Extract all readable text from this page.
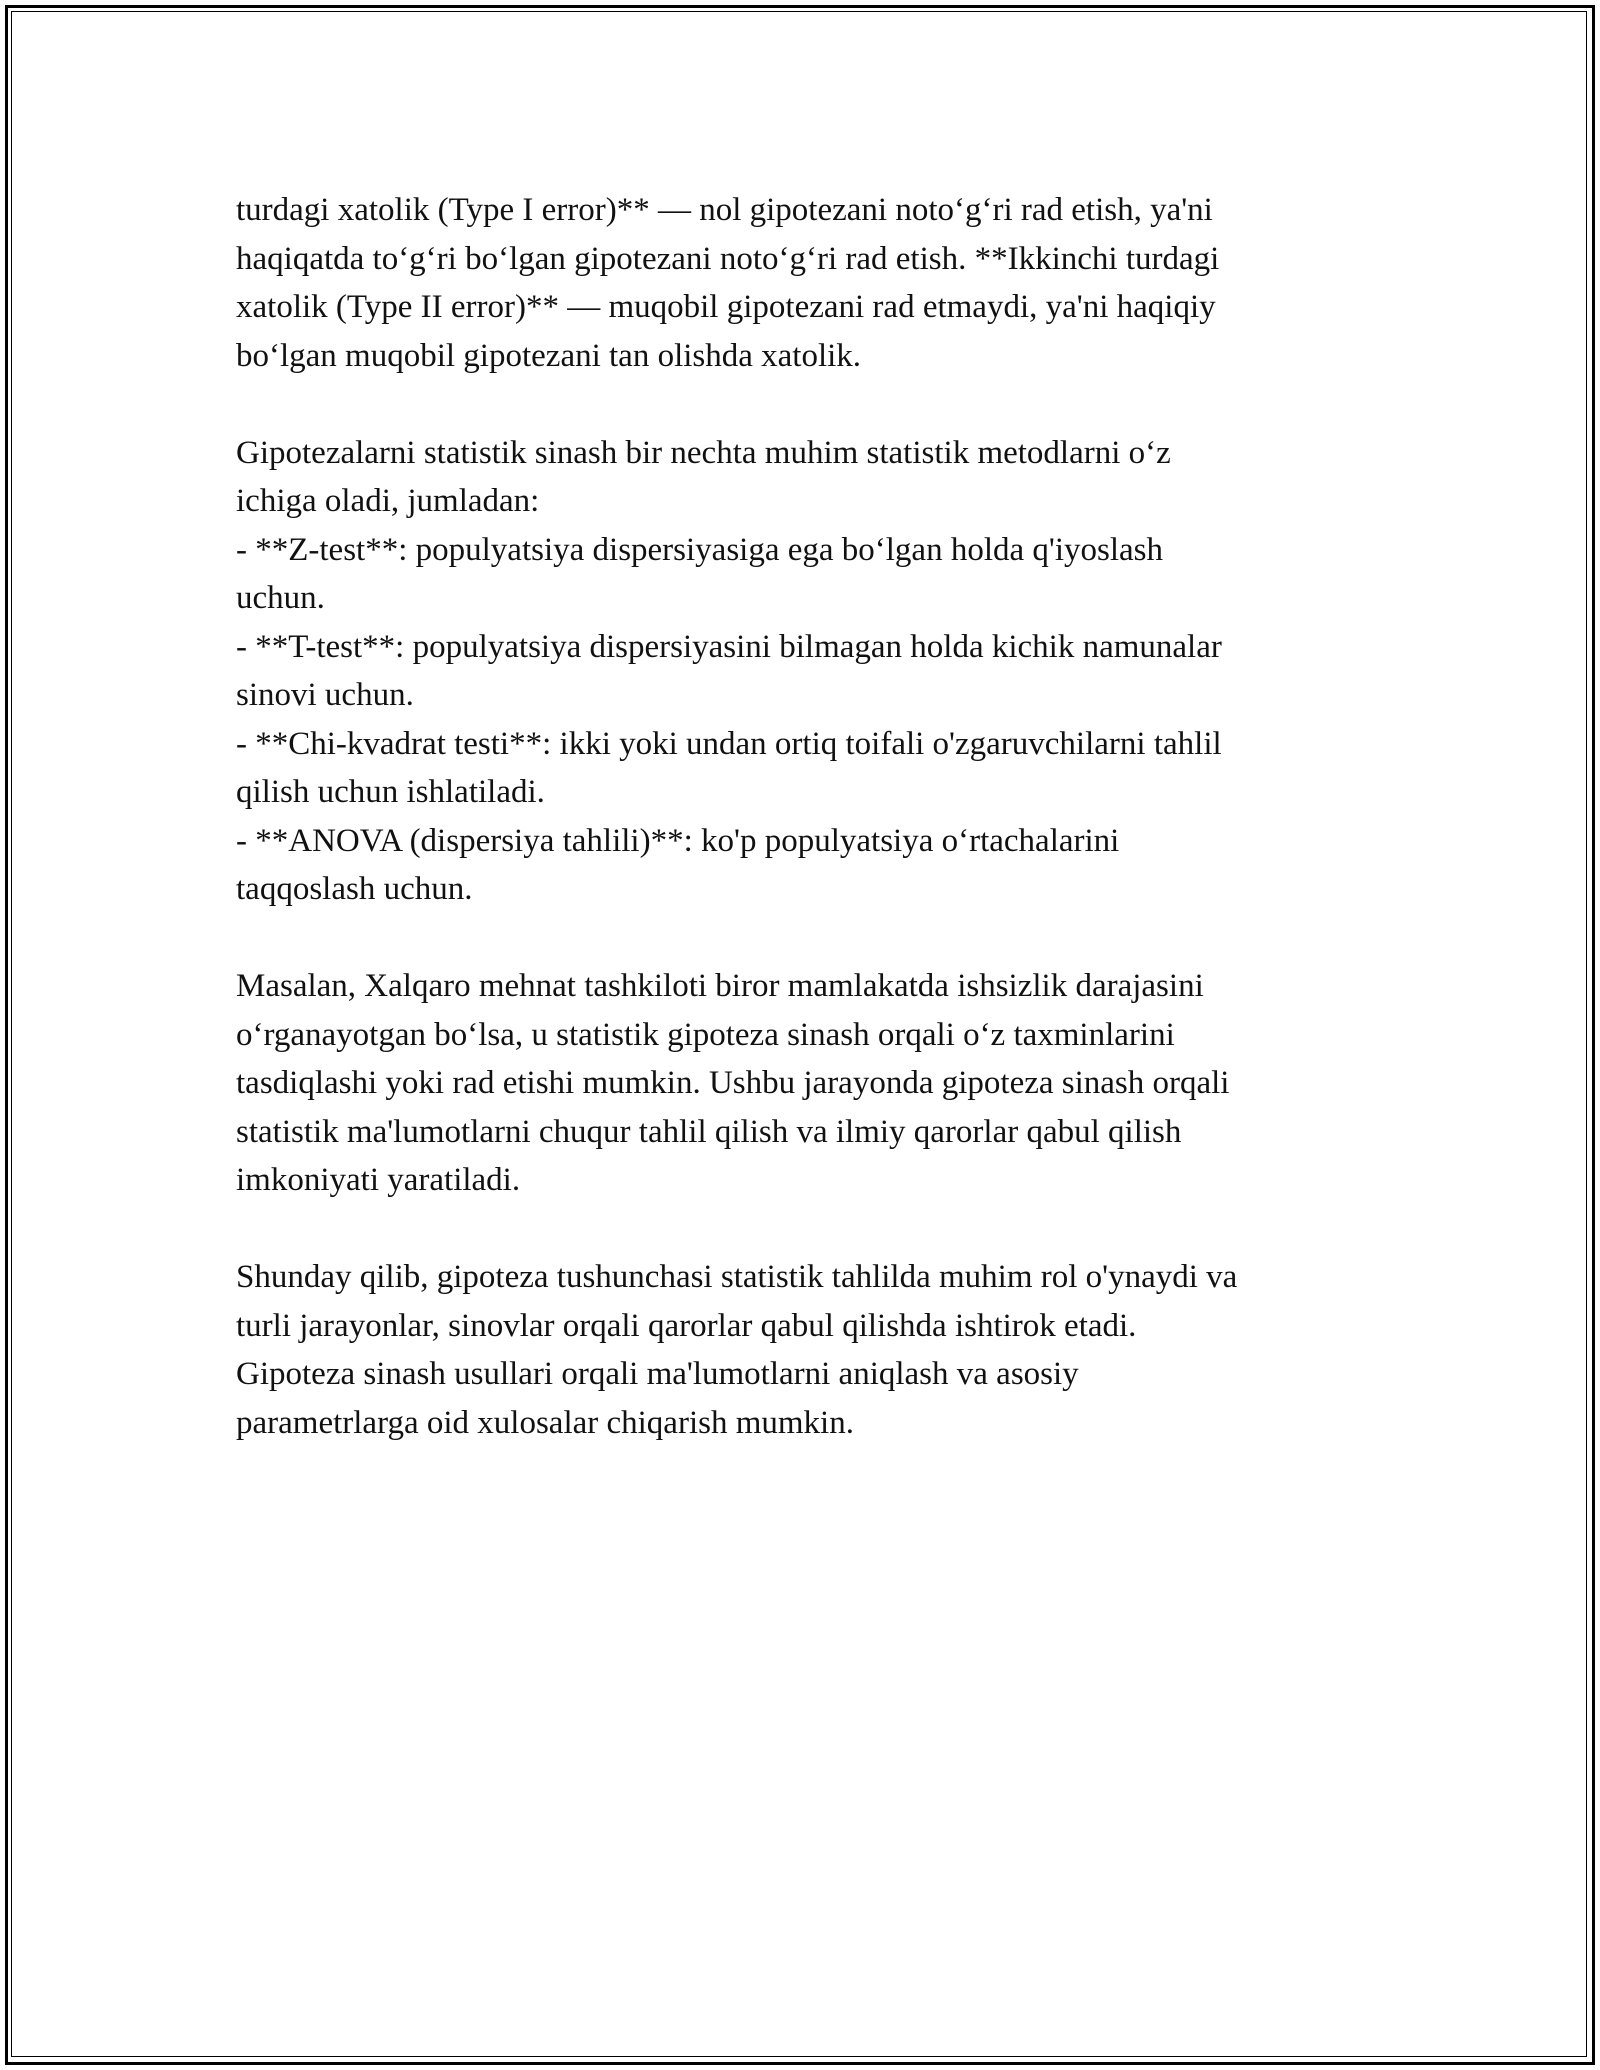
turdagi xatolik (Type I error)** — nol gipotezani noto‘g‘ri rad etish, ya'ni

haqiqatda to‘g‘ri bo‘lgan gipotezani noto‘g‘ri rad etish. **Ikkinchi turdagi

xatolik (Type II error)** — muqobil gipotezani rad etmaydi, ya'ni haqiqiy

bo‘lgan muqobil gipotezani tan olishda xatolik.

Gipotezalarni statistik sinash bir nechta muhim statistik metodlarni o‘z

ichiga oladi, jumladan:

- **Z-test**: populyatsiya dispersiyasiga ega bo‘lgan holda q'iyoslash

uchun.

- **T-test**: populyatsiya dispersiyasini bilmagan holda kichik namunalar

sinovi uchun.

- **Chi-kvadrat testi**: ikki yoki undan ortiq toifali o'zgaruvchilarni tahlil

qilish uchun ishlatiladi.

- **ANOVA (dispersiya tahlili)**: ko'p populyatsiya o‘rtachalarini

taqqoslash uchun.

Masalan, Xalqaro mehnat tashkiloti biror mamlakatda ishsizlik darajasini

o‘rganayotgan bo‘lsa, u statistik gipoteza sinash orqali o‘z taxminlarini

tasdiqlashi yoki rad etishi mumkin. Ushbu jarayonda gipoteza sinash orqali

statistik ma'lumotlarni chuqur tahlil qilish va ilmiy qarorlar qabul qilish

imkoniyati yaratiladi.

Shunday qilib, gipoteza tushunchasi statistik tahlilda muhim rol o'ynaydi va

turli jarayonlar, sinovlar orqali qarorlar qabul qilishda ishtirok etadi.

Gipoteza sinash usullari orqali ma'lumotlarni aniqlash va asosiy

parametrlarga oid xulosalar chiqarish mumkin.
